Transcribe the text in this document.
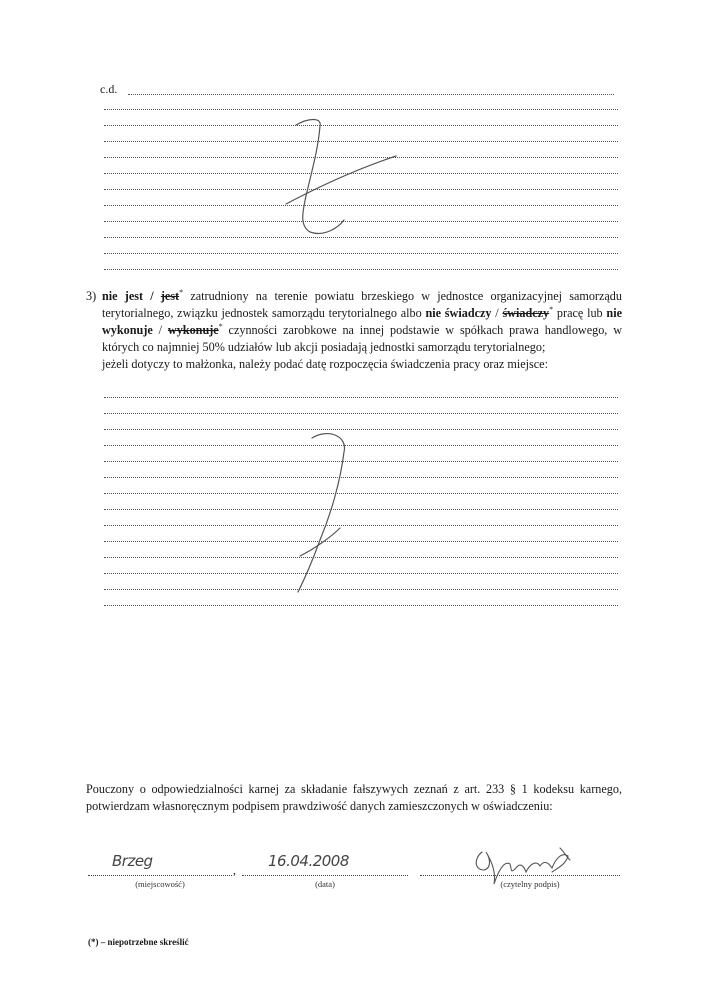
c.d.
3) nie jest / jest* zatrudniony na terenie powiatu brzeskiego w jednostce organizacyjnej samorządu terytorialnego, związku jednostek samorządu terytorialnego albo nie świadczy / świadczy* pracę lub nie wykonuje / wykonuje* czynności zarobkowe na innej podstawie w spółkach prawa handlowego, w których co najmniej 50% udziałów lub akcji posiadają jednostki samorządu terytorialnego;
jeżeli dotyczy to małżonka, należy podać datę rozpoczęcia świadczenia pracy oraz miejsce:
Pouczony o odpowiedzialności karnej za składanie fałszywych zeznań z art. 233 § 1 kodeksu karnego, potwierdzam własnoręcznym podpisem prawdziwość danych zamieszczonych w oświadczeniu:
Brzeg	,
(miejscowość)
16.04.2008
(data)	(czytelny podpis)
(*) – niepotrzebne skreślić
